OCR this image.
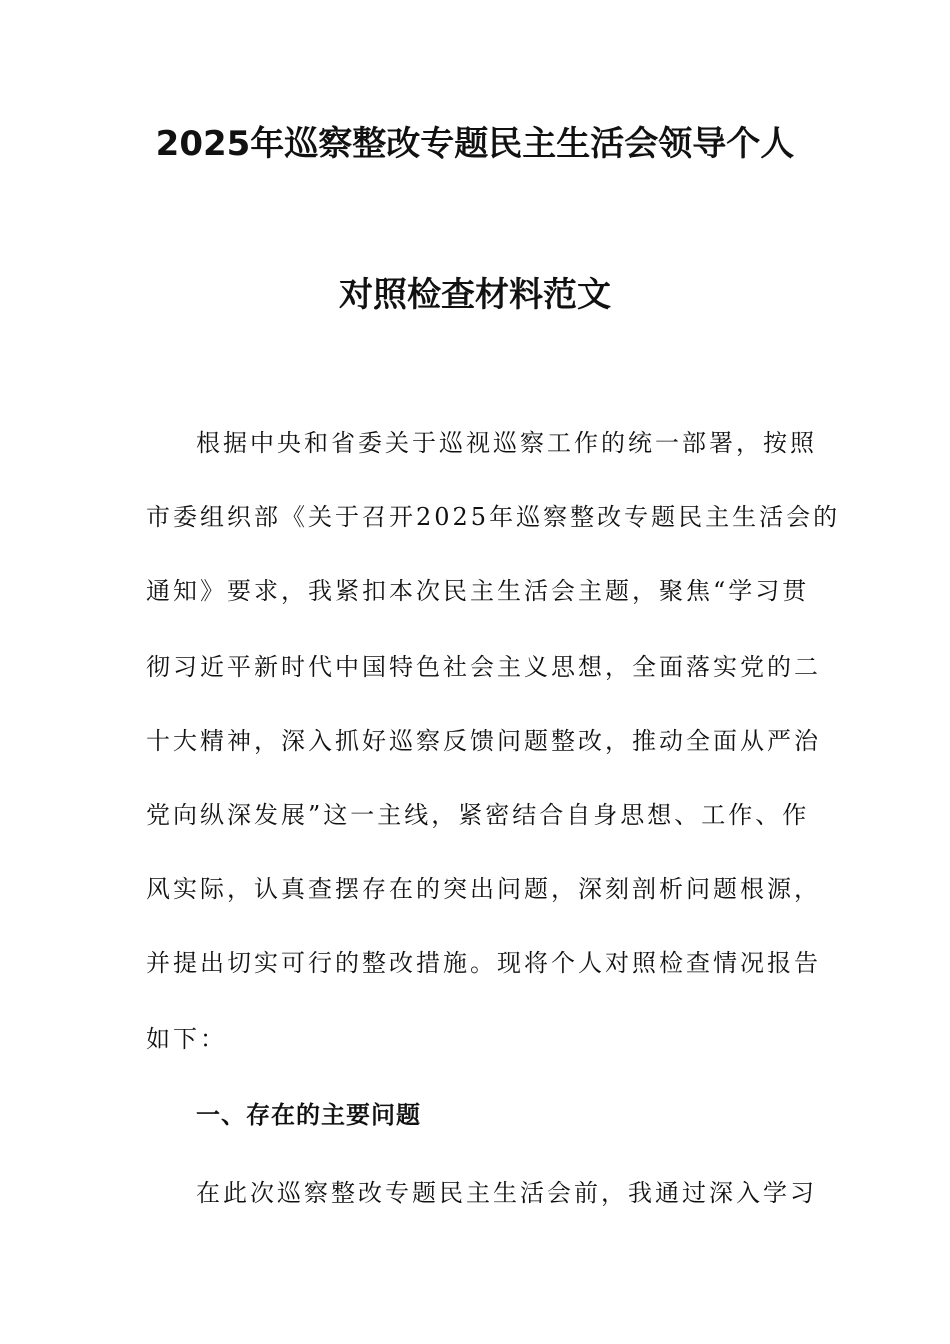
2025年巡察整改专题民主生活会领导个人
对照检查材料范文
根据中央和省委关于巡视巡察工作的统一部署，按照
市委组织部《关于召开2025年巡察整改专题民主生活会的
通知》要求，我紧扣本次民主生活会主题，聚焦“学习贯
彻习近平新时代中国特色社会主义思想，全面落实党的二
十大精神，深入抓好巡察反馈问题整改，推动全面从严治
党向纵深发展”这一主线，紧密结合自身思想、工作、作
风实际，认真查摆存在的突出问题，深刻剖析问题根源，
并提出切实可行的整改措施。现将个人对照检查情况报告
如下：
一、存在的主要问题
在此次巡察整改专题民主生活会前，我通过深入学习
